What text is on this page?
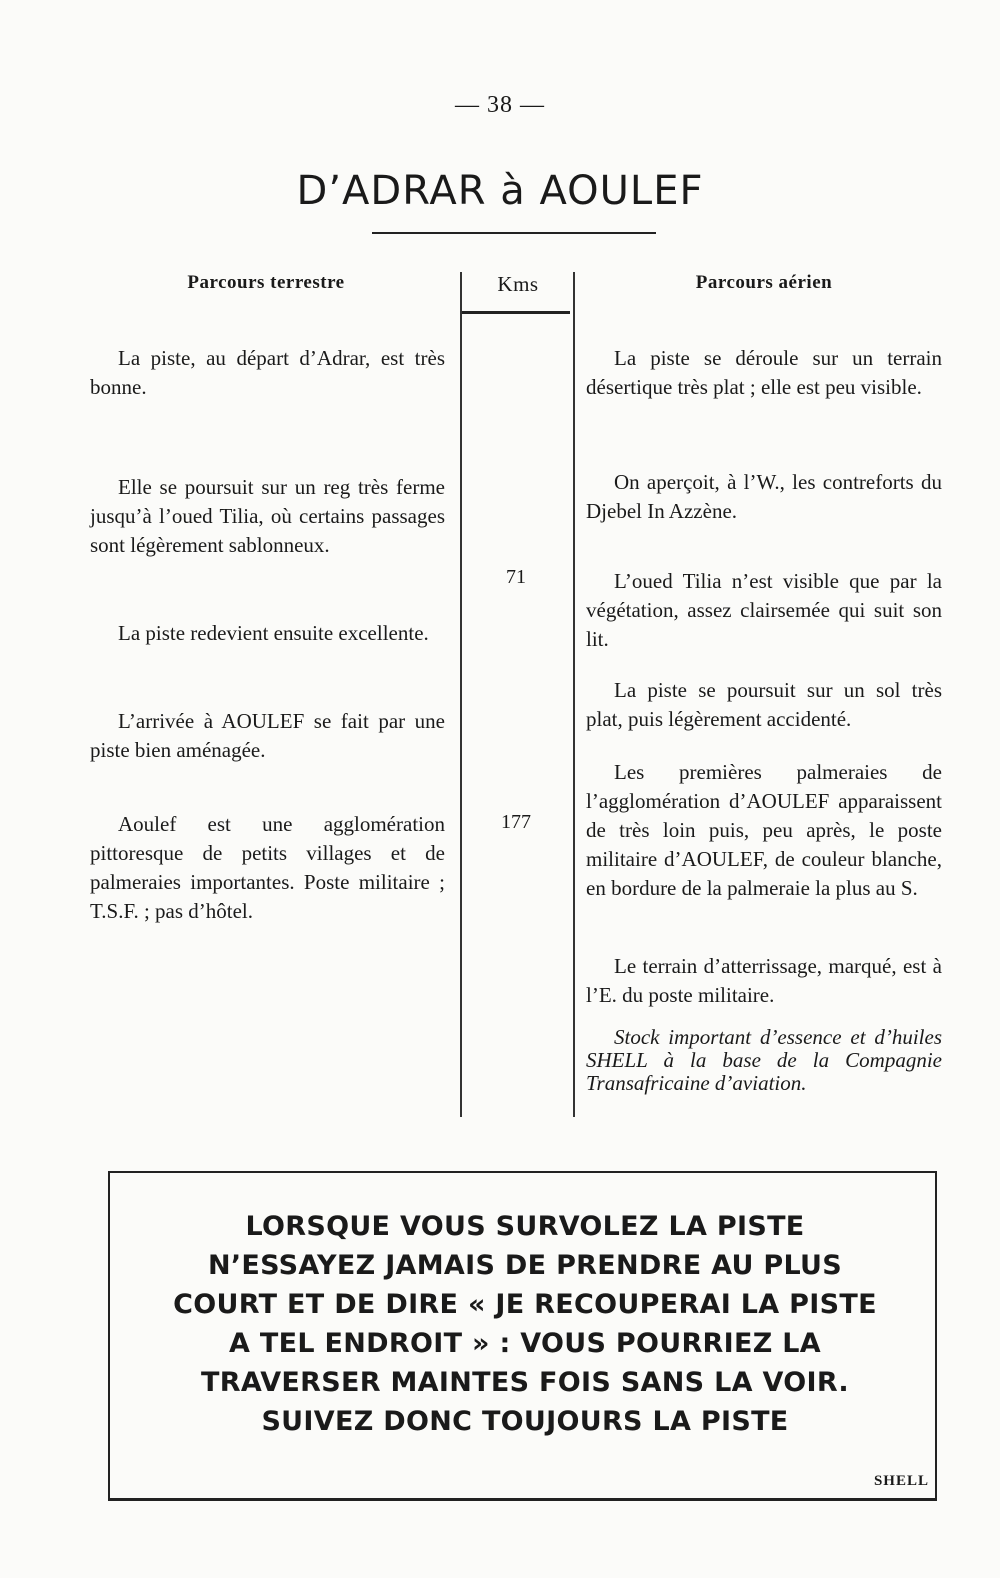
— 38 —
D’ADRAR à AOULEF
Parcours terrestre	Kms	Parcours aérien

La piste, au départ d’Adrar, est très bonne.

Elle se poursuit sur un reg très ferme jusqu’à l’oued Tilia, où certains passages sont légèrement sablonneux.

La piste redevient ensuite excellente.

L’arrivée à AOULEF se fait par une piste bien aménagée.

Aoulef est une agglomération pittoresque de petits villages et de palmeraies importantes. Poste militaire ; T.S.F. ; pas d’hôtel.

71
177

La piste se déroule sur un terrain désertique très plat ; elle est peu visible.

On aperçoit, à l’W., les contreforts du Djebel In Azzène.

L’oued Tilia n’est visible que par la végétation, assez clairsemée qui suit son lit.

La piste se poursuit sur un sol très plat, puis légèrement accidenté.

Les premières palmeraies de l’agglomération d’AOULEF apparaissent de très loin puis, peu après, le poste militaire d’AOULEF, de couleur blanche, en bordure de la palmeraie la plus au S.

Le terrain d’atterrissage, marqué, est à l’E. du poste militaire.

Stock important d’essence et d’huiles SHELL à la base de la Compagnie Transafricaine d’aviation.

LORSQUE VOUS SURVOLEZ LA PISTE N’ESSAYEZ JAMAIS DE PRENDRE AU PLUS COURT ET DE DIRE « JE RECOUPERAI LA PISTE A TEL ENDROIT » : VOUS POURRIEZ LA TRAVERSER MAINTES FOIS SANS LA VOIR. SUIVEZ DONC TOUJOURS LA PISTE

SHELL
